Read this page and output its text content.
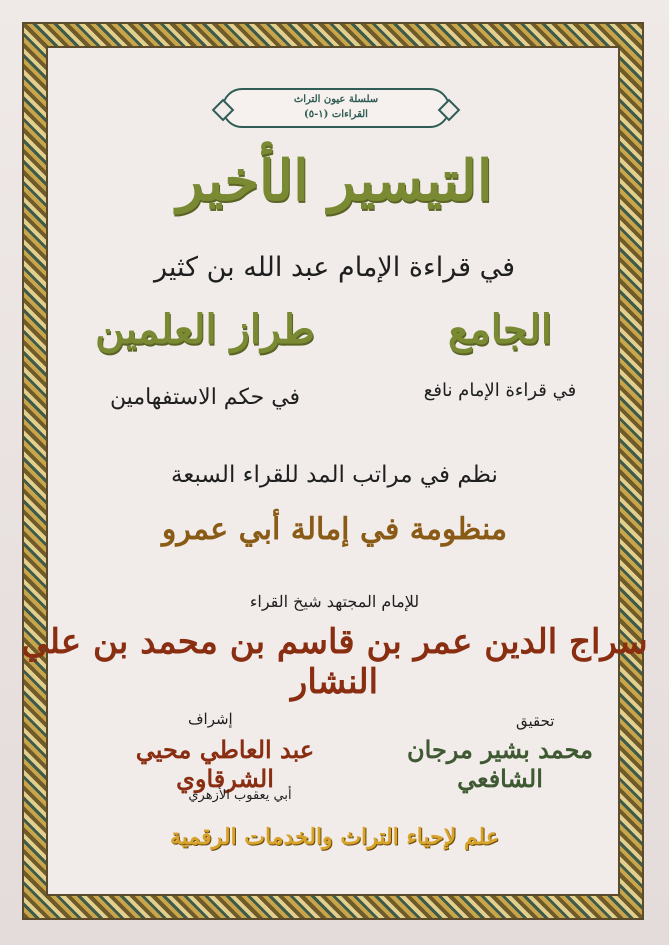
سلسلة عيون التراث
القراءات (١-٥)
التيسير الأخير
في قراءة الإمام عبد الله بن كثير
الجامع
في قراءة الإمام نافع
طراز العلمين
في حكم الاستفهامين
نظم في مراتب المد للقراء السبعة
منظومة في إمالة أبي عمرو
للإمام المجتهد شيخ القراء
سراج الدين عمر بن قاسم بن محمد بن علي النشار
تحقيق
إشراف
محمد بشير مرجان الشافعي
عبد العاطي محيي الشرقاوي
أبي يعقوب الأزهري
علم لإحياء التراث والخدمات الرقمية
